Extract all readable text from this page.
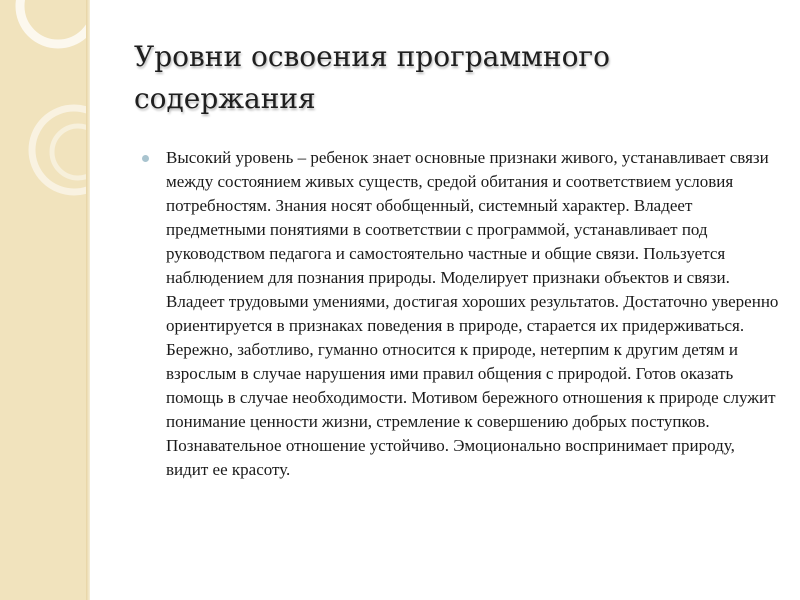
Уровни освоения программного содержания
Высокий уровень – ребенок знает основные признаки живого, устанавливает связи между состоянием живых существ, средой обитания и соответствием условия потребностям. Знания носят обобщенный, системный характер. Владеет предметными понятиями в соответствии с программой, устанавливает под руководством педагога и самостоятельно частные и общие связи. Пользуется наблюдением для познания природы. Моделирует признаки объектов и связи. Владеет трудовыми умениями, достигая хороших результатов. Достаточно уверенно ориентируется в признаках поведения в природе, старается их придерживаться. Бережно, заботливо, гуманно относится к природе, нетерпим к другим детям и взрослым в случае нарушения ими правил общения с природой. Готов оказать помощь в случае необходимости. Мотивом бережного отношения к природе служит понимание ценности жизни, стремление к совершению добрых поступков. Познавательное отношение устойчиво. Эмоционально воспринимает природу, видит ее красоту.
